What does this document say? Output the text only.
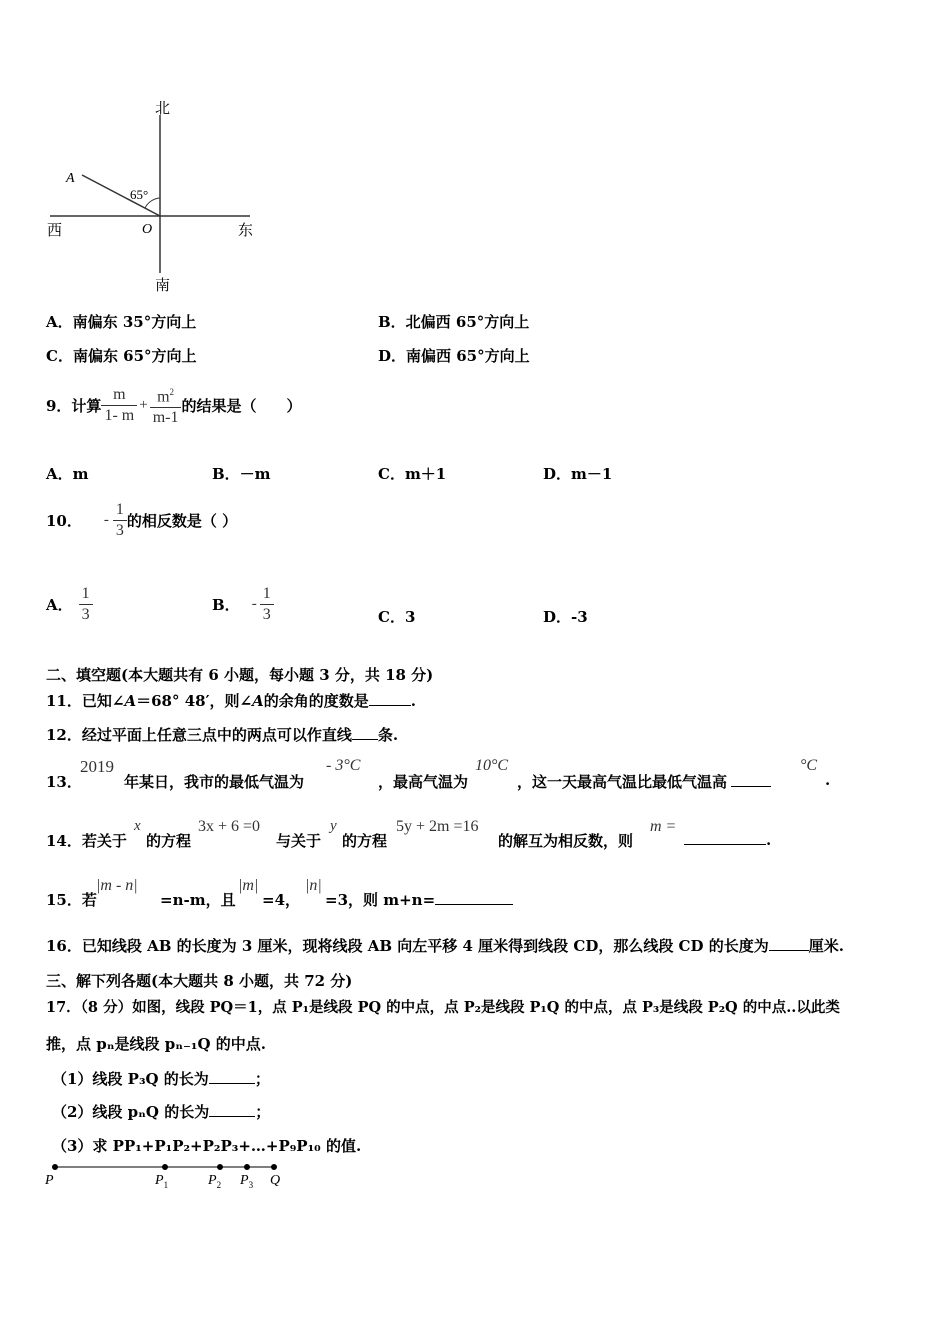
北
南
东
西
A
O
65°
A．南偏东 35°方向上	B．北偏西 65°方向上
C．南偏东 65°方向上	D．南偏西 65°方向上
9．计算 $\frac{m}{1- m} + \frac{m^2}{m-1}$ 的结果是（　　）
A．m	B．－m	C．m＋1	D．m－1
10． - $\frac{1}{3}$ 的相反数是（ ）
A． $\frac{1}{3}$	B． - $\frac{1}{3}$	C．3	D．-3
二、填空题(本大题共有 6 小题，每小题 3 分，共 18 分)
11．已知∠A＝68° 48′，则∠A的余角的度数是	.
12．经过平面上任意三点中的两点可以作直线 条.
13．
2019
年某日，我市的最低气温为
- 3°C
，最高气温为
10°C
，这一天最高气温比最低气温高
°C
.
14．若关于
x
的方程
3x + 6 =0
与关于
y
的方程
5y + 2m =16
的解互为相反数，则
m =
.
15．若
|m - n|
=n-m，且
|m|
=4，
|n|
=3，则 m+n=
16．已知线段 AB 的长度为 3 厘米，现将线段 AB 向左平移 4 厘米得到线段 CD，那么线段 CD 的长度为	厘米.
三、解下列各题(本大题共 8 小题，共 72 分)
17．（8 分）如图，线段 PQ＝1，点 P₁是线段 PQ 的中点，点 P₂是线段 P₁Q 的中点，点 P₃是线段 P₂Q 的中点..以此类
推，点 pₙ是线段 pₙ₋₁Q 的中点.
（1）线段 P₃Q 的长为	；
（2）线段 pₙQ 的长为	；
（3）求 PP₁+P₁P₂+P₂P₃+…+P₉P₁₀ 的值.
P	$P_1$	$P_2$ $P_3$ Q
